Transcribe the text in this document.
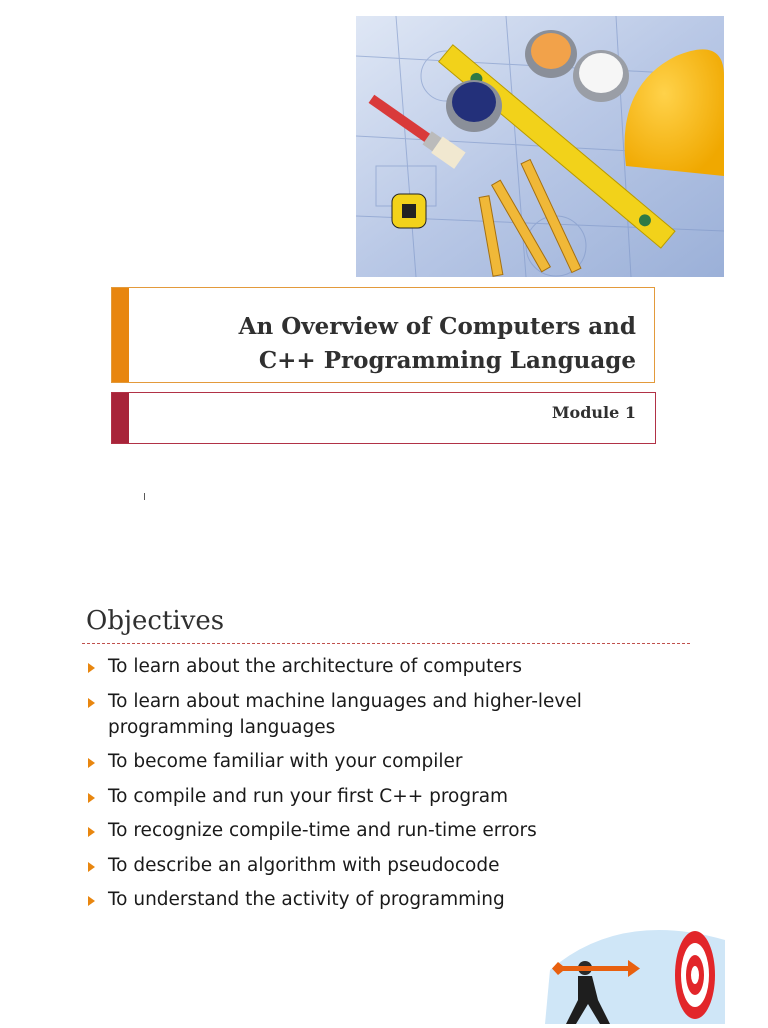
An Overview of Computers and
C++ Programming Language
Module 1
I
Objectives
To learn about the architecture of computers
To learn about machine languages and higher-level programming languages
To become familiar with your compiler
To compile and run your first C++ program
To recognize compile-time and run-time errors
To describe an algorithm with pseudocode
To understand the activity of programming
